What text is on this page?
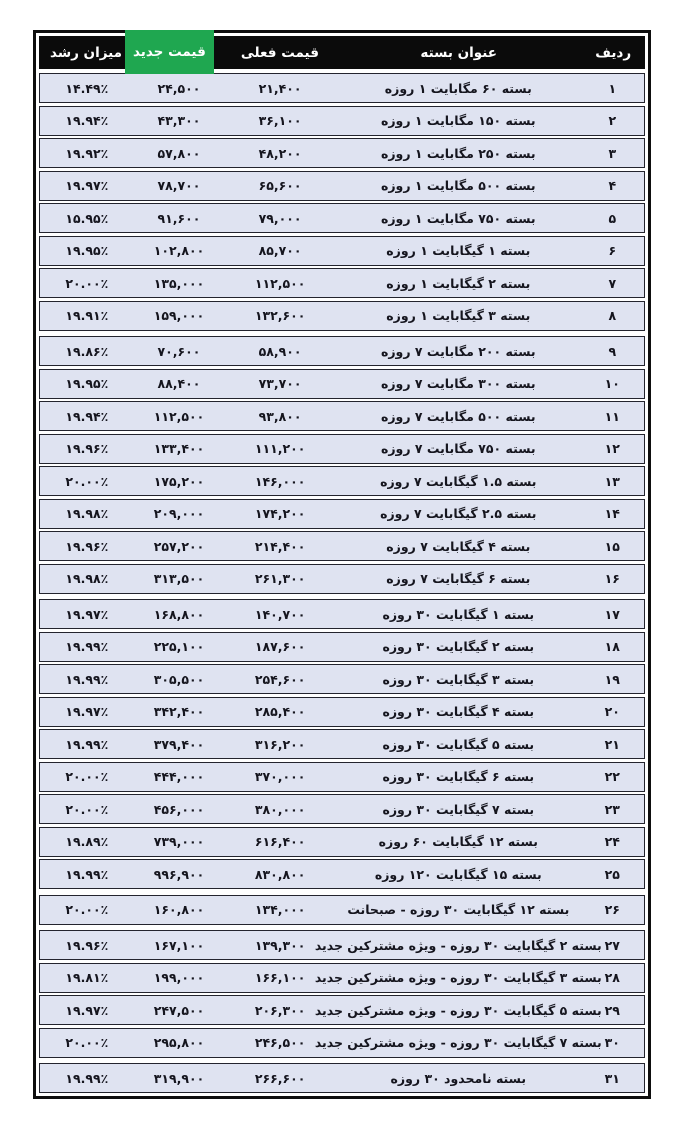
ردیف
عنوان بسته
قیمت فعلی
قیمت جدید
میزان رشد
۱
بسته ۶۰ مگابایت ۱ روزه
۲۱,۴۰۰
۲۴,۵۰۰
۱۴.۴۹٪
۲
بسته ۱۵۰ مگابایت ۱ روزه
۳۶,۱۰۰
۴۳,۳۰۰
۱۹.۹۴٪
۳
بسته ۲۵۰ مگابایت ۱ روزه
۴۸,۲۰۰
۵۷,۸۰۰
۱۹.۹۲٪
۴
بسته ۵۰۰ مگابایت ۱ روزه
۶۵,۶۰۰
۷۸,۷۰۰
۱۹.۹۷٪
۵
بسته ۷۵۰ مگابایت ۱ روزه
۷۹,۰۰۰
۹۱,۶۰۰
۱۵.۹۵٪
۶
بسته ۱ گیگابایت ۱ روزه
۸۵,۷۰۰
۱۰۲,۸۰۰
۱۹.۹۵٪
۷
بسته ۲ گیگابایت ۱ روزه
۱۱۲,۵۰۰
۱۳۵,۰۰۰
۲۰.۰۰٪
۸
بسته ۳ گیگابایت ۱ روزه
۱۳۲,۶۰۰
۱۵۹,۰۰۰
۱۹.۹۱٪
۹
بسته ۲۰۰ مگابایت ۷ روزه
۵۸,۹۰۰
۷۰,۶۰۰
۱۹.۸۶٪
۱۰
بسته ۳۰۰ مگابایت ۷ روزه
۷۳,۷۰۰
۸۸,۴۰۰
۱۹.۹۵٪
۱۱
بسته ۵۰۰ مگابایت ۷ روزه
۹۳,۸۰۰
۱۱۲,۵۰۰
۱۹.۹۴٪
۱۲
بسته ۷۵۰ مگابایت ۷ روزه
۱۱۱,۲۰۰
۱۳۳,۴۰۰
۱۹.۹۶٪
۱۳
بسته ۱.۵ گیگابایت ۷ روزه
۱۴۶,۰۰۰
۱۷۵,۲۰۰
۲۰.۰۰٪
۱۴
بسته ۲.۵ گیگابایت ۷ روزه
۱۷۴,۲۰۰
۲۰۹,۰۰۰
۱۹.۹۸٪
۱۵
بسته ۴ گیگابایت ۷ روزه
۲۱۴,۴۰۰
۲۵۷,۲۰۰
۱۹.۹۶٪
۱۶
بسته ۶ گیگابایت ۷ روزه
۲۶۱,۳۰۰
۳۱۳,۵۰۰
۱۹.۹۸٪
۱۷
بسته ۱ گیگابایت ۳۰ روزه
۱۴۰,۷۰۰
۱۶۸,۸۰۰
۱۹.۹۷٪
۱۸
بسته ۲ گیگابایت ۳۰ روزه
۱۸۷,۶۰۰
۲۲۵,۱۰۰
۱۹.۹۹٪
۱۹
بسته ۳ گیگابایت ۳۰ روزه
۲۵۴,۶۰۰
۳۰۵,۵۰۰
۱۹.۹۹٪
۲۰
بسته ۴ گیگابایت ۳۰ روزه
۲۸۵,۴۰۰
۳۴۲,۴۰۰
۱۹.۹۷٪
۲۱
بسته ۵ گیگابایت ۳۰ روزه
۳۱۶,۲۰۰
۳۷۹,۴۰۰
۱۹.۹۹٪
۲۲
بسته ۶ گیگابایت ۳۰ روزه
۳۷۰,۰۰۰
۴۴۴,۰۰۰
۲۰.۰۰٪
۲۳
بسته ۷ گیگابایت ۳۰ روزه
۳۸۰,۰۰۰
۴۵۶,۰۰۰
۲۰.۰۰٪
۲۴
بسته ۱۲ گیگابایت ۶۰ روزه
۶۱۶,۴۰۰
۷۳۹,۰۰۰
۱۹.۸۹٪
۲۵
بسته ۱۵ گیگابایت ۱۲۰ روزه
۸۳۰,۸۰۰
۹۹۶,۹۰۰
۱۹.۹۹٪
۲۶
بسته ۱۲ گیگابایت ۳۰ روزه - صبحانت
۱۳۴,۰۰۰
۱۶۰,۸۰۰
۲۰.۰۰٪
۲۷
بسته ۲ گیگابایت ۳۰ روزه - ویژه مشترکین جدید
۱۳۹,۳۰۰
۱۶۷,۱۰۰
۱۹.۹۶٪
۲۸
بسته ۳ گیگابایت ۳۰ روزه - ویژه مشترکین جدید
۱۶۶,۱۰۰
۱۹۹,۰۰۰
۱۹.۸۱٪
۲۹
بسته ۵ گیگابایت ۳۰ روزه - ویژه مشترکین جدید
۲۰۶,۳۰۰
۲۴۷,۵۰۰
۱۹.۹۷٪
۳۰
بسته ۷ گیگابایت ۳۰ روزه - ویژه مشترکین جدید
۲۴۶,۵۰۰
۲۹۵,۸۰۰
۲۰.۰۰٪
۳۱
بسته نامحدود ۳۰ روزه
۲۶۶,۶۰۰
۳۱۹,۹۰۰
۱۹.۹۹٪
